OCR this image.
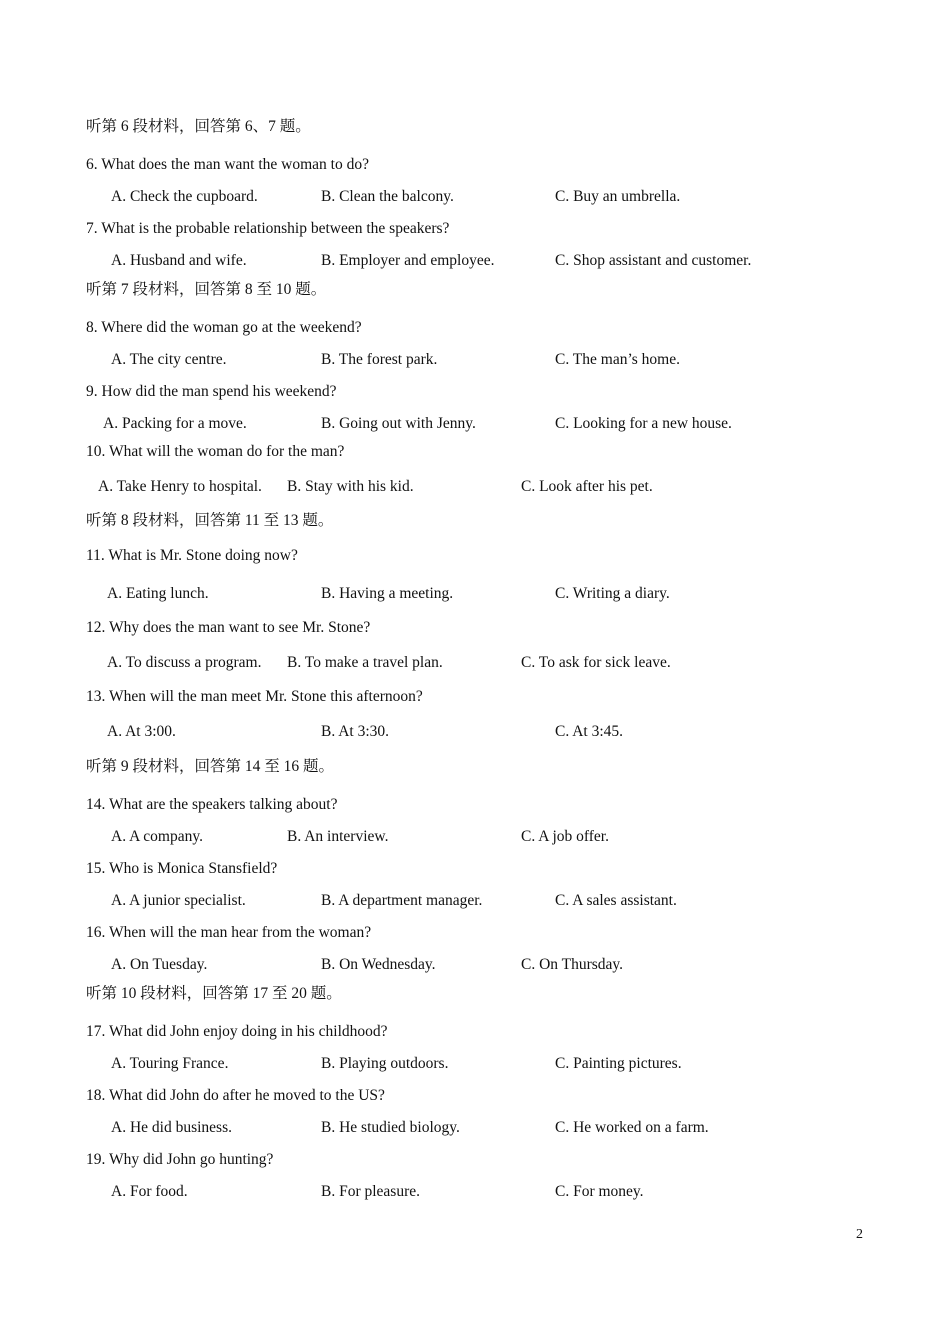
听第 6 段材料，回答第 6、7 题。
6. What does the man want the woman to do?
A. Check the cupboard.	B. Clean the balcony.	C. Buy an umbrella.
7. What is the probable relationship between the speakers?
A. Husband and wife.	B. Employer and employee.	C. Shop assistant and customer.
听第 7 段材料，回答第 8 至 10 题。
8. Where did the woman go at the weekend?
A. The city centre.	B. The forest park.	C. The man’s home.
9. How did the man spend his weekend?
A. Packing for a move.	B. Going out with Jenny.	C. Looking for a new house.
10. What will the woman do for the man?
A. Take Henry to hospital. B. Stay with his kid.	C. Look after his pet.
听第 8 段材料，回答第 11 至 13 题。
11. What is Mr. Stone doing now?
A. Eating lunch.	B. Having a meeting.	C. Writing a diary.
12. Why does the man want to see Mr. Stone?
A. To discuss a program. B. To make a travel plan.	C. To ask for sick leave.
13. When will the man meet Mr. Stone this afternoon?
A. At 3:00.	B. At 3:30.	C. At 3:45.
听第 9 段材料，回答第 14 至 16 题。
14. What are the speakers talking about?
A. A company.	B. An interview.	C. A job offer.
15. Who is Monica Stansfield?
A. A junior specialist.	B. A department manager.	C. A sales assistant.
16. When will the man hear from the woman?
A. On Tuesday.	B. On Wednesday.	C. On Thursday.
听第 10 段材料，回答第 17 至 20 题。
17. What did John enjoy doing in his childhood?
A. Touring France.	B. Playing outdoors.	C. Painting pictures.
18. What did John do after he moved to the US?
A. He did business.	B. He studied biology.	C. He worked on a farm.
19. Why did John go hunting?
A. For food.	B. For pleasure.	C. For money.
2
